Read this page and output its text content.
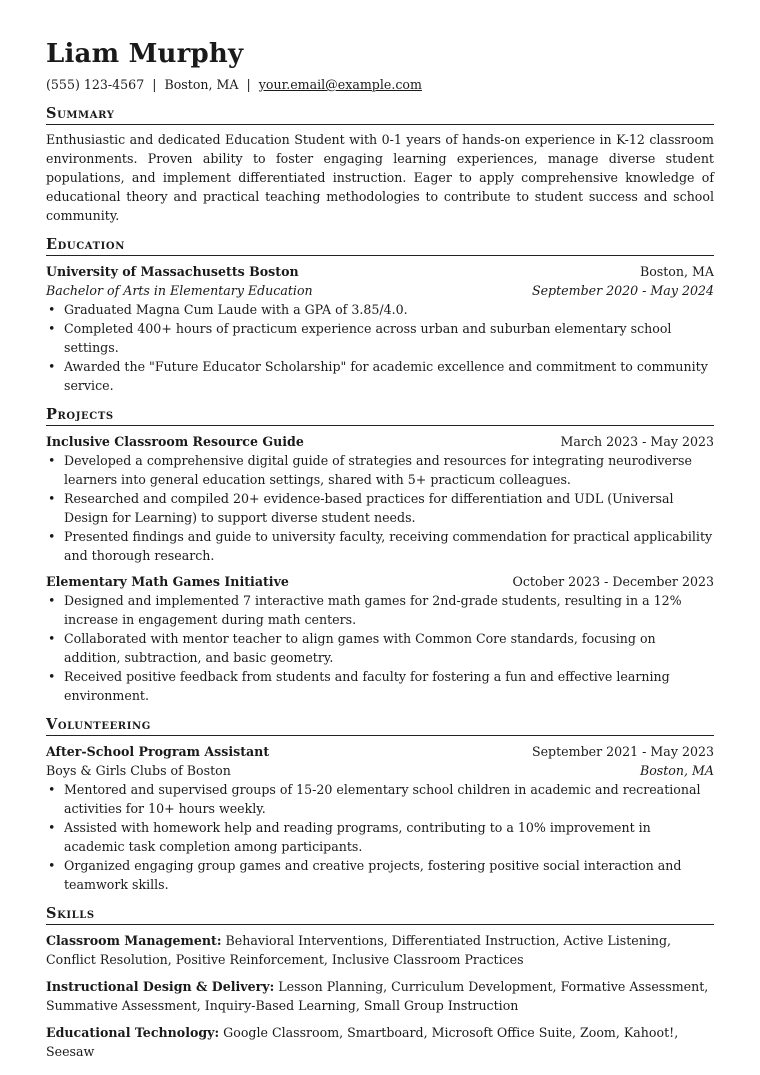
Liam Murphy
(555) 123-4567 | Boston, MA | your.email@example.com
Summary
Enthusiastic and dedicated Education Student with 0-1 years of hands-on experience in K-12 classroom environments. Proven ability to foster engaging learning experiences, manage diverse student populations, and implement differentiated instruction. Eager to apply comprehensive knowledge of educational theory and practical teaching methodologies to contribute to student success and school community.
Education
University of Massachusetts Boston	Boston, MA
Bachelor of Arts in Elementary Education	September 2020 - May 2024
• Graduated Magna Cum Laude with a GPA of 3.85/4.0.
• Completed 400+ hours of practicum experience across urban and suburban elementary school settings.
• Awarded the "Future Educator Scholarship" for academic excellence and commitment to community service.
Projects
Inclusive Classroom Resource Guide	March 2023 - May 2023
• Developed a comprehensive digital guide of strategies and resources for integrating neurodiverse learners into general education settings, shared with 5+ practicum colleagues.
• Researched and compiled 20+ evidence-based practices for differentiation and UDL (Universal Design for Learning) to support diverse student needs.
• Presented findings and guide to university faculty, receiving commendation for practical applicability and thorough research.
Elementary Math Games Initiative	October 2023 - December 2023
• Designed and implemented 7 interactive math games for 2nd-grade students, resulting in a 12% increase in engagement during math centers.
• Collaborated with mentor teacher to align games with Common Core standards, focusing on addition, subtraction, and basic geometry.
• Received positive feedback from students and faculty for fostering a fun and effective learning environment.
Volunteering
After-School Program Assistant	September 2021 - May 2023
Boys & Girls Clubs of Boston	Boston, MA
• Mentored and supervised groups of 15-20 elementary school children in academic and recreational activities for 10+ hours weekly.
• Assisted with homework help and reading programs, contributing to a 10% improvement in academic task completion among participants.
• Organized engaging group games and creative projects, fostering positive social interaction and teamwork skills.
Skills
Classroom Management: Behavioral Interventions, Differentiated Instruction, Active Listening, Conflict Resolution, Positive Reinforcement, Inclusive Classroom Practices
Instructional Design & Delivery: Lesson Planning, Curriculum Development, Formative Assessment, Summative Assessment, Inquiry-Based Learning, Small Group Instruction
Educational Technology: Google Classroom, Smartboard, Microsoft Office Suite, Zoom, Kahoot!, Seesaw
